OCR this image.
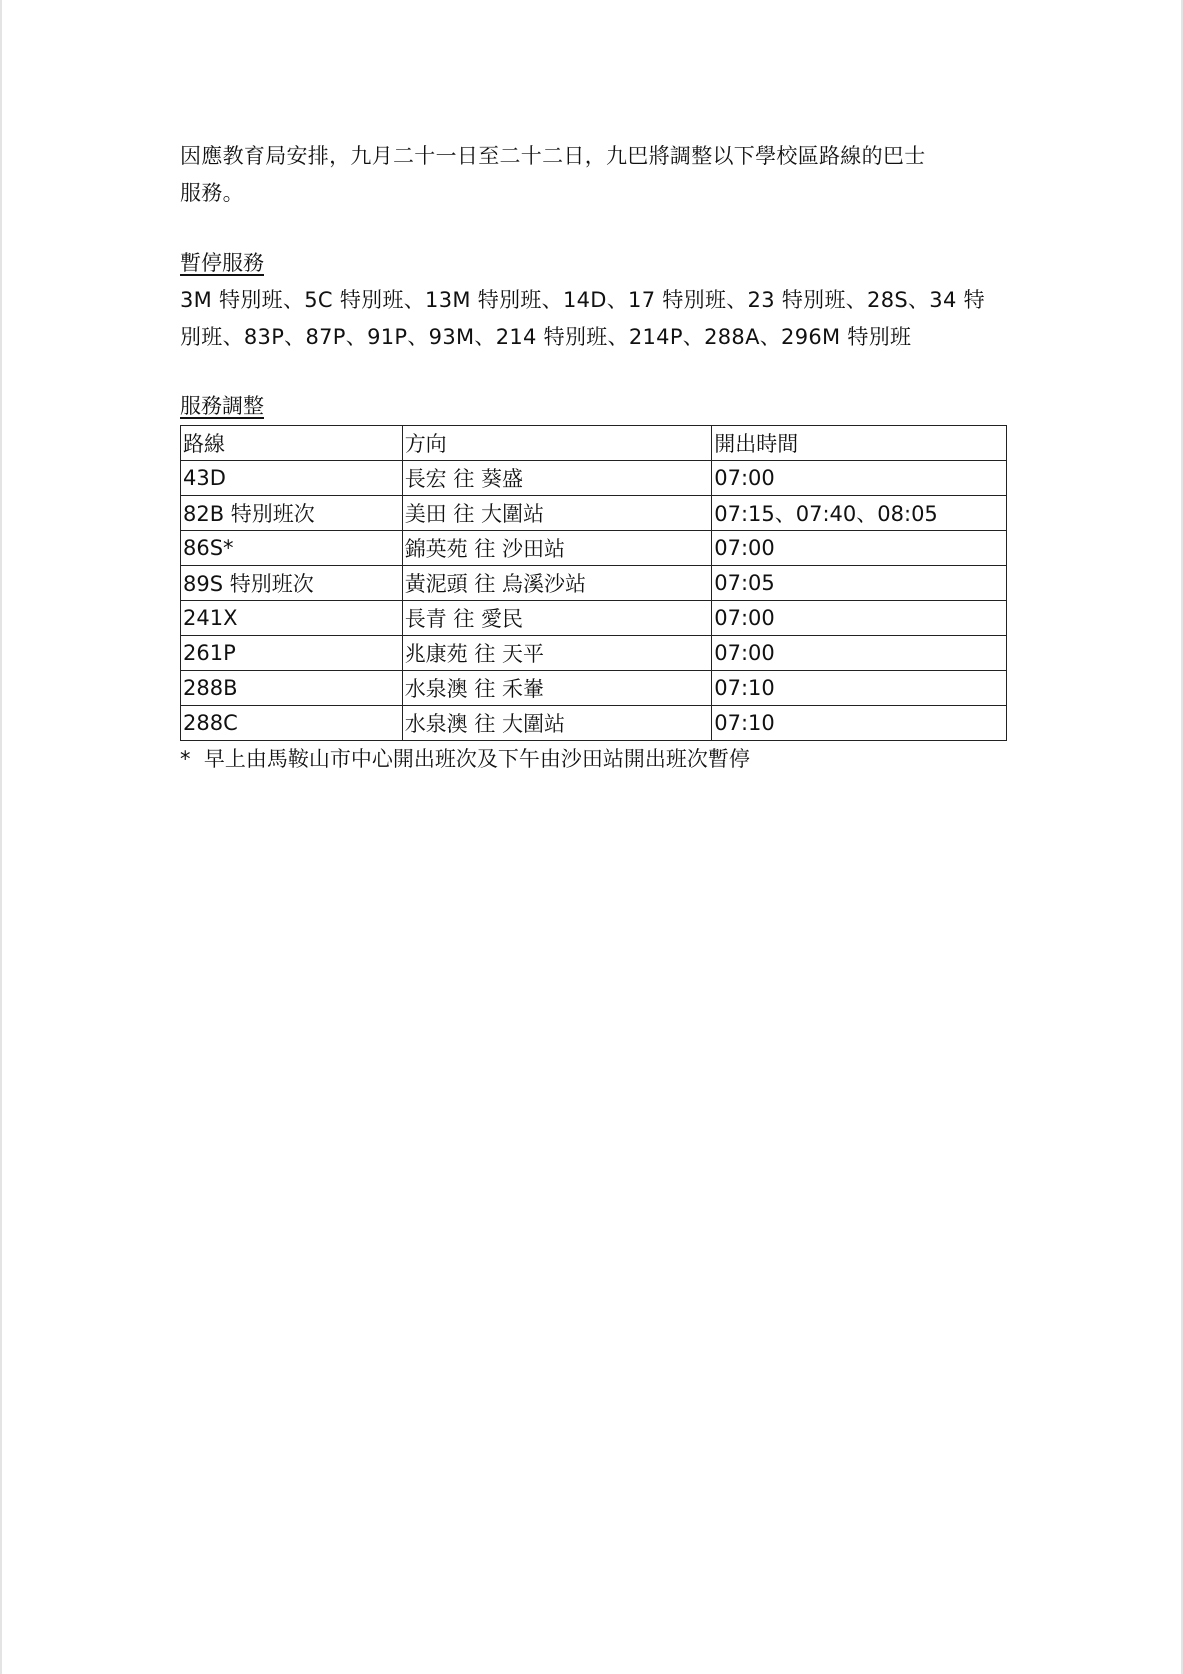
因應教育局安排，九月二十一日至二十二日，九巴將調整以下學校區路線的巴士

服務。

暫停服務

3M 特別班、5C 特別班、13M 特別班、14D、17 特別班、23 特別班、28S、34 特

別班、83P、87P、91P、93M、214 特別班、214P、288A、296M 特別班

服務調整
路線	方向	開出時間
43D	長宏 往 葵盛	07:00
82B 特別班次	美田 往 大圍站	07:15、07:40、08:05
86S*	錦英苑 往 沙田站	07:00
89S 特別班次	黃泥頭 往 烏溪沙站	07:05
241X	長青 往 愛民	07:00
261P	兆康苑 往 天平	07:00
288B	水泉澳 往 禾輋	07:10
288C	水泉澳 往 大圍站	07:10

*  早上由馬鞍山市中心開出班次及下午由沙田站開出班次暫停
